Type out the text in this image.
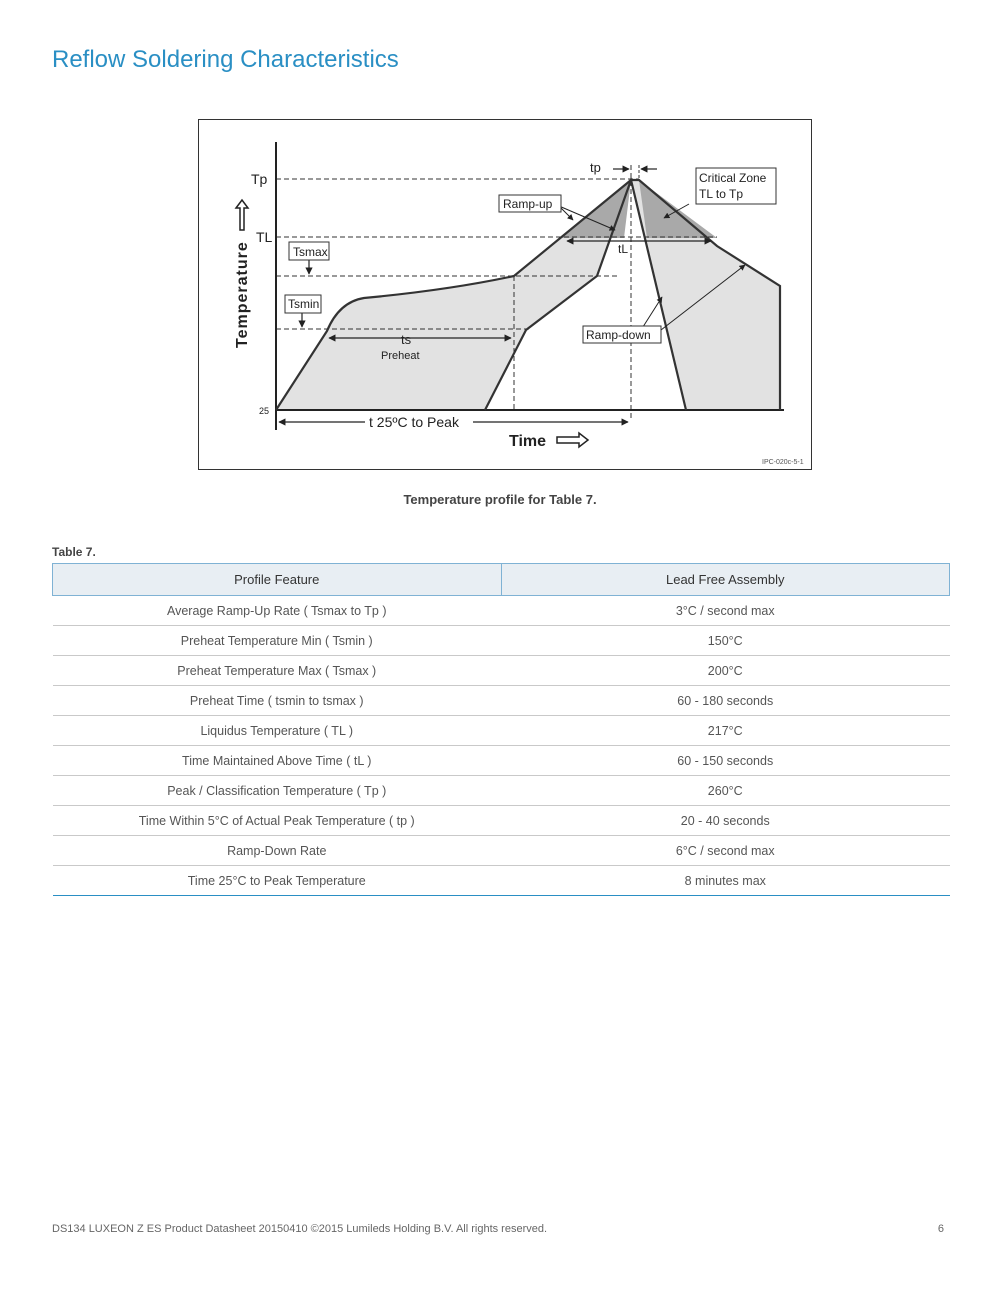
Reflow Soldering Characteristics
Tp
TL
25
Temperature
Time
tp
Critical Zone
TL to Tp
Ramp-up
Ramp-down
Tsmax
Tsmin
ts
Preheat
tL
t 25ºC to Peak
IPC-020c-5-1
Temperature profile for Table 7.
Table 7.
Profile Feature	Lead Free Assembly
Average Ramp-Up Rate ( Tsmax to Tp )	3°C / second max
Preheat Temperature Min ( Tsmin )	150°C
Preheat Temperature Max ( Tsmax )	200°C
Preheat Time ( tsmin to tsmax )	60 - 180 seconds
Liquidus Temperature ( TL )	217°C
Time Maintained Above Time ( tL )	60 - 150 seconds
Peak / Classification Temperature ( Tp )	260°C
Time Within 5°C of Actual Peak Temperature ( tp )	20 - 40 seconds
Ramp-Down Rate	6°C / second max
Time 25°C to Peak Temperature	8 minutes max
DS134 LUXEON Z ES Product Datasheet 20150410 ©2015 Lumileds Holding B.V. All rights reserved.	6
